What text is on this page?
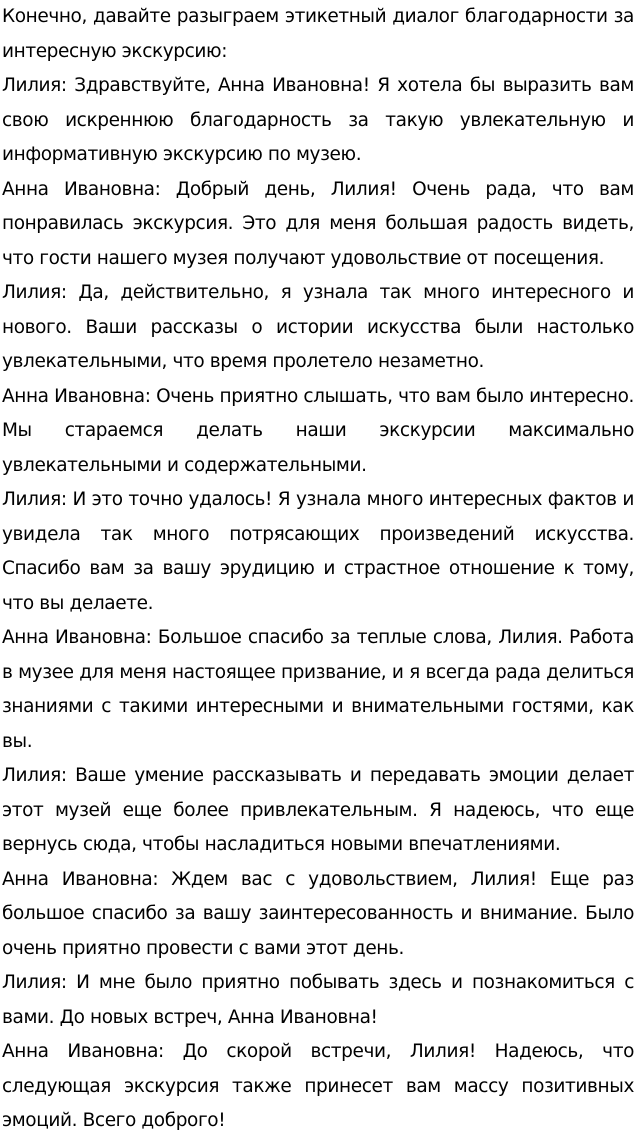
Конечно, давайте разыграем этикетный диалог благодарности за интересную экскурсию:

Лилия: Здравствуйте, Анна Ивановна! Я хотела бы выразить вам свою искреннюю благодарность за такую увлекательную и информативную экскурсию по музею.

Анна Ивановна: Добрый день, Лилия! Очень рада, что вам понравилась экскурсия. Это для меня большая радость видеть, что гости нашего музея получают удовольствие от посещения.

Лилия: Да, действительно, я узнала так много интересного и нового. Ваши рассказы о истории искусства были настолько увлекательными, что время пролетело незаметно.

Анна Ивановна: Очень приятно слышать, что вам было интересно. Мы стараемся делать наши экскурсии максимально увлекательными и содержательными.

Лилия: И это точно удалось! Я узнала много интересных фактов и увидела так много потрясающих произведений искусства. Спасибо вам за вашу эрудицию и страстное отношение к тому, что вы делаете.

Анна Ивановна: Большое спасибо за теплые слова, Лилия. Работа в музее для меня настоящее призвание, и я всегда рада делиться знаниями с такими интересными и внимательными гостями, как вы.

Лилия: Ваше умение рассказывать и передавать эмоции делает этот музей еще более привлекательным. Я надеюсь, что еще вернусь сюда, чтобы насладиться новыми впечатлениями.

Анна Ивановна: Ждем вас с удовольствием, Лилия! Еще раз большое спасибо за вашу заинтересованность и внимание. Было очень приятно провести с вами этот день.

Лилия: И мне было приятно побывать здесь и познакомиться с вами. До новых встреч, Анна Ивановна!

Анна Ивановна: До скорой встречи, Лилия! Надеюсь, что следующая экскурсия также принесет вам массу позитивных эмоций. Всего доброго!
